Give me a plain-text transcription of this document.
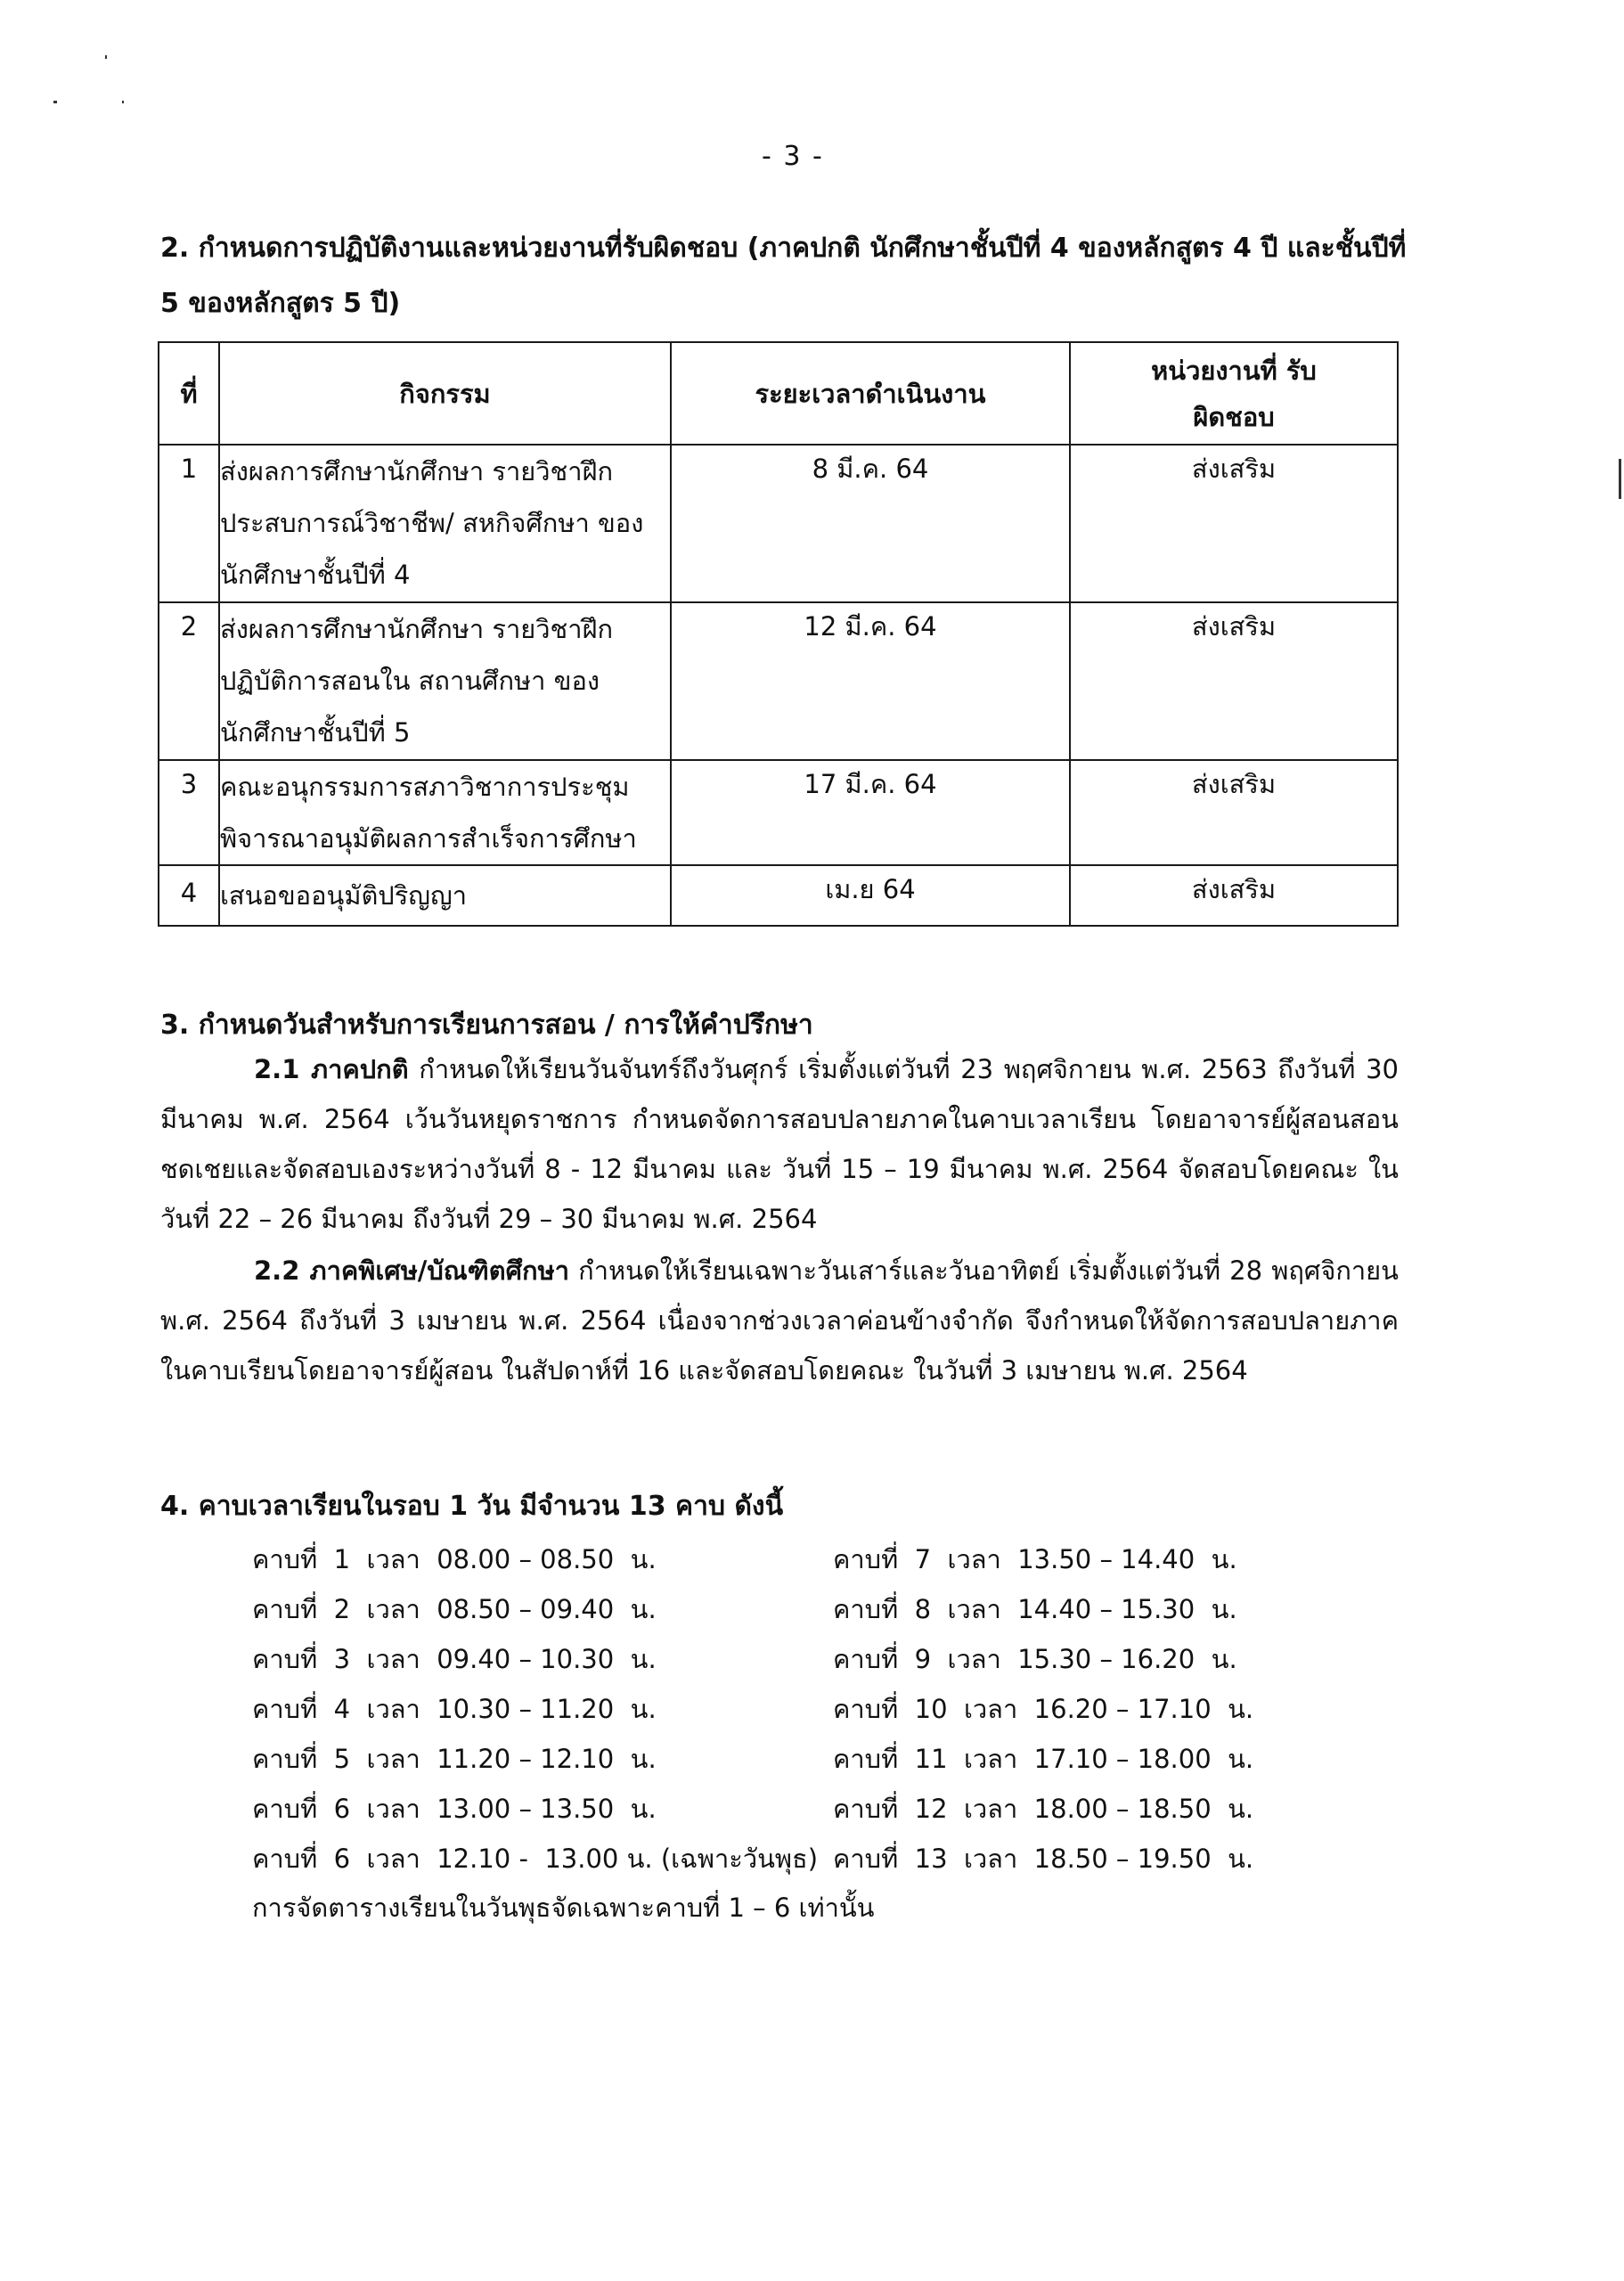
- 3 -
2. กำหนดการปฏิบัติงานและหน่วยงานที่รับผิดชอบ (ภาคปกติ นักศึกษาชั้นปีที่ 4 ของหลักสูตร 4 ปี และชั้นปีที่ 5 ของหลักสูตร 5 ปี)
ที่	กิจกรรม	ระยะเวลาดำเนินงาน	หน่วยงานที่ รับผิดชอบ
1	ส่งผลการศึกษานักศึกษา รายวิชาฝึกประสบการณ์วิชาชีพ/ สหกิจศึกษา ของนักศึกษาชั้นปีที่ 4	8 มี.ค. 64	ส่งเสริม
2	ส่งผลการศึกษานักศึกษา รายวิชาฝึกปฏิบัติการสอนใน สถานศึกษา ของนักศึกษาชั้นปีที่ 5	12 มี.ค. 64	ส่งเสริม
3	คณะอนุกรรมการสภาวิชาการประชุม พิจารณาอนุมัติผลการสำเร็จการศึกษา	17 มี.ค. 64	ส่งเสริม
4	เสนอขออนุมัติปริญญา	เม.ย 64	ส่งเสริม
3. กำหนดวันสำหรับการเรียนการสอน / การให้คำปรึกษา
2.1 ภาคปกติ กำหนดให้เรียนวันจันทร์ถึงวันศุกร์ เริ่มตั้งแต่วันที่ 23 พฤศจิกายน พ.ศ. 2563 ถึงวันที่ 30 มีนาคม พ.ศ. 2564 เว้นวันหยุดราชการ กำหนดจัดการสอบปลายภาคในคาบเวลาเรียน โดยอาจารย์ผู้สอนสอนชดเชยและจัดสอบเองระหว่างวันที่ 8 - 12 มีนาคม และ วันที่ 15 – 19 มีนาคม พ.ศ. 2564 จัดสอบโดยคณะ ในวันที่ 22 – 26 มีนาคม ถึงวันที่ 29 – 30 มีนาคม พ.ศ. 2564
2.2 ภาคพิเศษ/บัณฑิตศึกษา กำหนดให้เรียนเฉพาะวันเสาร์และวันอาทิตย์ เริ่มตั้งแต่วันที่ 28 พฤศจิกายน พ.ศ. 2564 ถึงวันที่ 3 เมษายน พ.ศ. 2564 เนื่องจากช่วงเวลาค่อนข้างจำกัด จึงกำหนดให้จัดการสอบปลายภาคในคาบเรียนโดยอาจารย์ผู้สอน ในสัปดาห์ที่ 16 และจัดสอบโดยคณะ ในวันที่ 3 เมษายน พ.ศ. 2564
4. คาบเวลาเรียนในรอบ 1 วัน มีจำนวน 13 คาบ ดังนี้
คาบที่  1  เวลา  08.00 – 08.50  น.	คาบที่  7  เวลา  13.50 – 14.40  น.
คาบที่  2  เวลา  08.50 – 09.40  น.	คาบที่  8  เวลา  14.40 – 15.30  น.
คาบที่  3  เวลา  09.40 – 10.30  น.	คาบที่  9  เวลา  15.30 – 16.20  น.
คาบที่  4  เวลา  10.30 – 11.20  น.	คาบที่  10  เวลา  16.20 – 17.10  น.
คาบที่  5  เวลา  11.20 – 12.10  น.	คาบที่  11  เวลา  17.10 – 18.00  น.
คาบที่  6  เวลา  13.00 – 13.50  น.	คาบที่  12  เวลา  18.00 – 18.50  น.
คาบที่  6  เวลา  12.10 -  13.00 น. (เฉพาะวันพุธ) คาบที่  13  เวลา  18.50 – 19.50  น.
การจัดตารางเรียนในวันพุธจัดเฉพาะคาบที่ 1 – 6 เท่านั้น
